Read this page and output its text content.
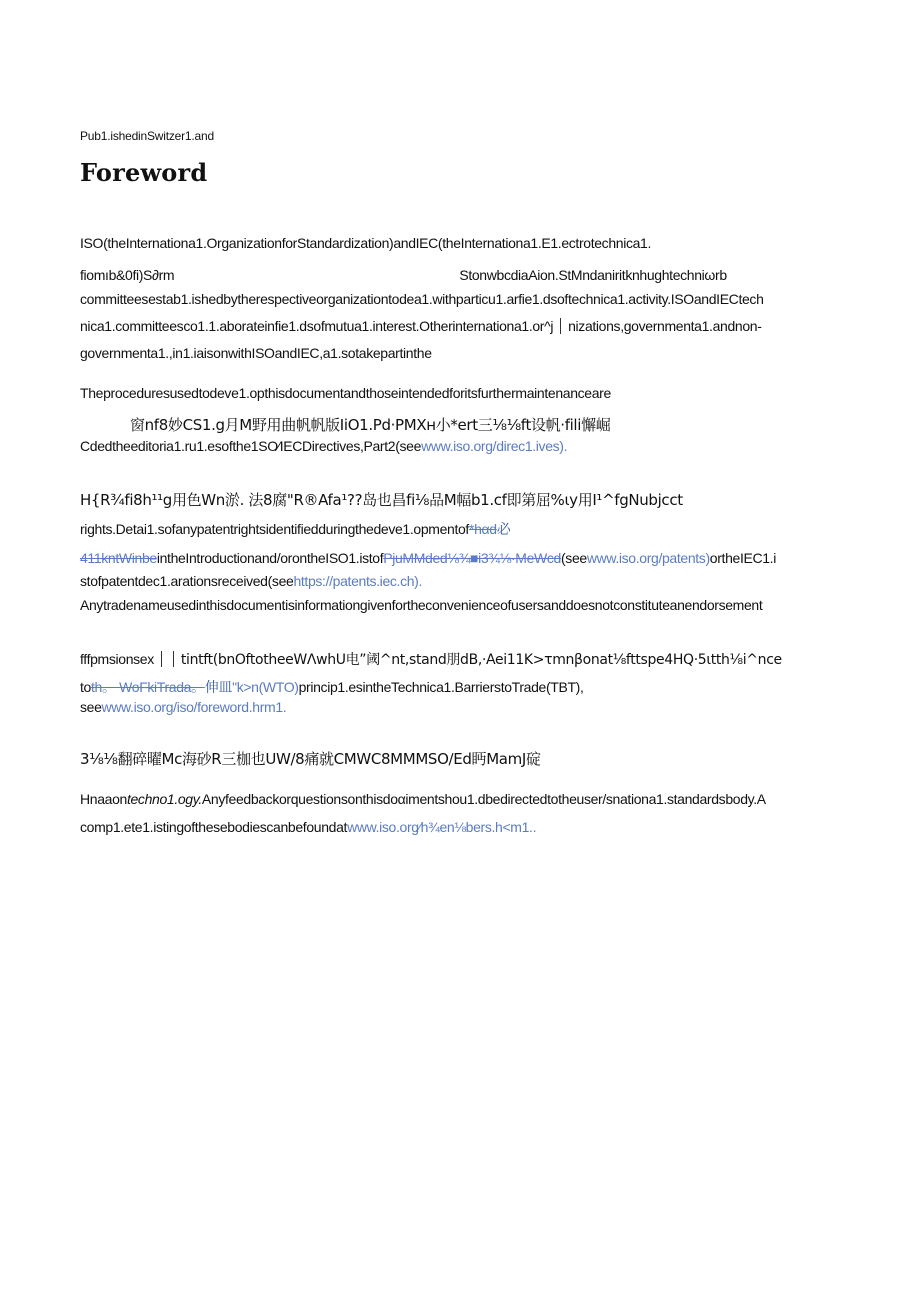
Pub1.ishedinSwitzer1.and
Foreword
ISO(theInternationa1.OrganizationforStandardization)andIEC(theInternationa1.E1.ectrotechnica1.
fiomıb&0fi)S∂rm	StonwbcdiaAion.StMndaniritknhughtechniωrb
committeesestab1.ishedbytherespectiveorganizationtodea1.withparticu1.arfie1.dsoftechnica1.activity.ISOandIECtech
nica1.committeesco1.1.aborateinfie1.dsofmutua1.interest.Otherinternationa1.or^j nizations,governmenta1.andnon-
governmenta1.,in1.iaisonwithISOandIEC,a1.sotakepartinthe
Theproceduresusedtodeve1.opthisdocumentandthoseintendedforitsfurthermaintenanceare
窗nf8妙CS1.g月M野用曲帆帆版IiO1.Pd·PMXн小*ert三⅛⅛ft设帆·fili懈崛
Cdedtheeditoria1.ru1.esofthe1SO∕IECDirectives,Part2(seewww.iso.org/direc1.ives).
H{R¾fi8h¹¹g用色Wn淤. 法8腐"R®Afa¹??岛也昌fi⅛品M幅b1.cf即第屈%ιy用I¹^fgNubjcct
rights.Detai1.sofanypatentrightsidentifiedduringthedeve1.opmentof*hαd必
411kntWinbeintheIntroductionand/orontheISO1.istofPjuMMded⅛¾■i3¾⅛·MeWcd(seewww.iso.org/patents)ortheIEC1.i
stofpatentdec1.arationsreceived(seehttps://patents.iec.ch).
Anytradenameusedinthisdocumentisinformationgivenfortheconvenienceofusersanddoesnotconstituteanendorsement
fffpmsionsex tintft(bnOftotheeWΛwhU电”阈^nt,stand朋dB,·Aei11K>τmnβonat⅛fttspe4HQ·5ιtth⅛i^nce
toth。 WoFkiTrada。伸皿"k>n(WTO)princip1.esintheTechnica1.BarrierstoTrade(TBT),
seewww.iso.org/iso/foreword.hrm1.
3⅛⅛翻碎曜Mc海砂R三枷也UW/8痛就CMWC8MMMSO∕Ed眄MamJ碇
Hnaaontechno1.ogy.Anyfeedbackorquestionsonthisdoαimentshou1.dbedirectedtotheuser/snationa1.standardsbody.A
comp1.ete1.istingofthesebodiescanbefoundatwww.iso.org∕h¾en⅛bers.h<m1..
